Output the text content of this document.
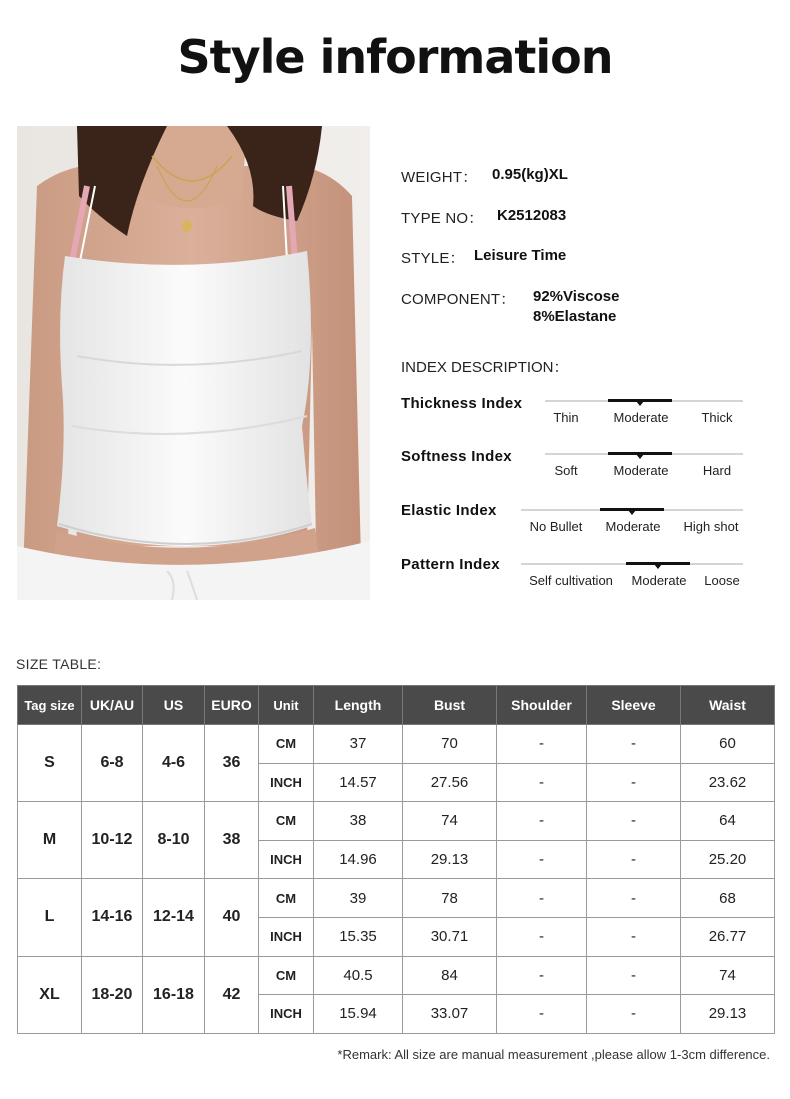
Style information
WEIGHT： 0.95(kg)XL
TYPE NO： K2512083
STYLE： Leisure Time
COMPONENT： 92%Viscose
8%Elastane
INDEX DESCRIPTION：
Thickness Index
Thin	Moderate	Thick
Softness Index
Soft	Moderate	Hard
Elastic Index
No Bullet	Moderate	High shot
Pattern Index
Self cultivation	Moderate	Loose
SIZE TABLE:
Tag size	UK/AU	US	EURO	Unit	Length	Bust	Shoulder	Sleeve	Waist
S	6-8	4-6	36	CM	37	70	-	-	60
				INCH	14.57	27.56	-	-	23.62
M	10-12	8-10	38	CM	38	74	-	-	64
				INCH	14.96	29.13	-	-	25.20
L	14-16	12-14	40	CM	39	78	-	-	68
				INCH	15.35	30.71	-	-	26.77
XL	18-20	16-18	42	CM	40.5	84	-	-	74
				INCH	15.94	33.07	-	-	29.13
*Remark: All size are manual measurement ,please allow 1-3cm difference.
